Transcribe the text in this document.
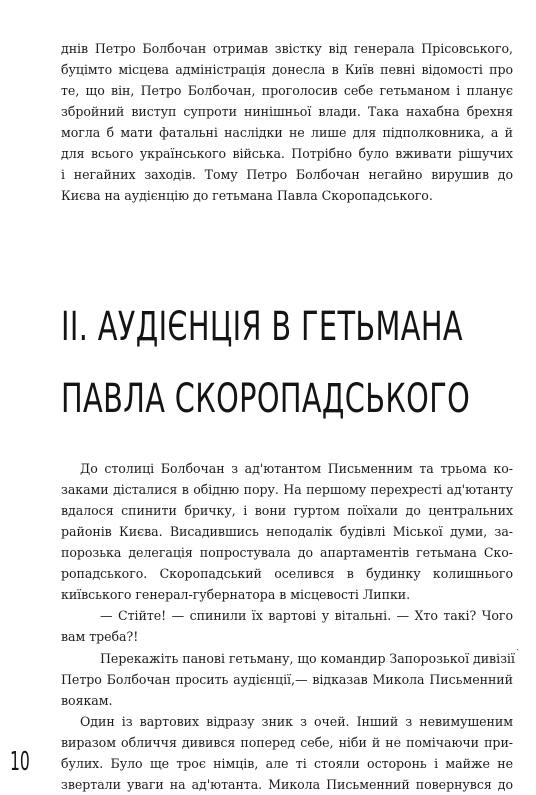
днів Петро Болбочан отримав звістку від генерала Прісовського,
буцімто місцева адміністрація донесла в Київ певні відомості про
те, що він, Петро Болбочан, проголосив себе гетьманом і планує
збройний виступ супроти нинішньої влади. Така нахабна брехня
могла б мати фатальні наслідки не лише для підполковника, а й
для всього українського війська. Потрібно було вживати рішучих
і негайних заходів. Тому Петро Болбочан негайно вирушив до
Києва на аудієнцію до гетьмана Павла Скоропадського.
II. АУДІЄНЦІЯ В ГЕТЬМАНА
ПАВЛА СКОРОПАДСЬКОГО
До столиці Болбочан з ад'ютантом Письменним та трьома ко-
заками дісталися в обідню пору. На першому перехресті ад'ютанту
вдалося спинити бричку, і вони гуртом поїхали до центральних
районів Києва. Висадившись неподалік будівлі Міської думи, за-
порозька делегація попростувала до апартаментів гетьмана Ско-
ропадського. Скоропадський оселився в будинку колишнього
київського генерал-губернатора в місцевості Липки.
— Стійте! — спинили їх вартові у вітальні. — Хто такі? Чого
вам треба?!
Перекажіть пановi гетьману, що командир Запорозької дивізії
Петро Болбочан просить аудієнції,— відказав Микола Письменний
воякам.
Один із вартових відразу зник з очей. Інший з невимушеним
виразом обличчя дивився поперед себе, ніби й не помічаючи при-
булих. Було ще троє німців, але ті стояли осторонь і майже не
звертали уваги на ад'ютанта. Микола Письменний повернувся до
ˎ
10
